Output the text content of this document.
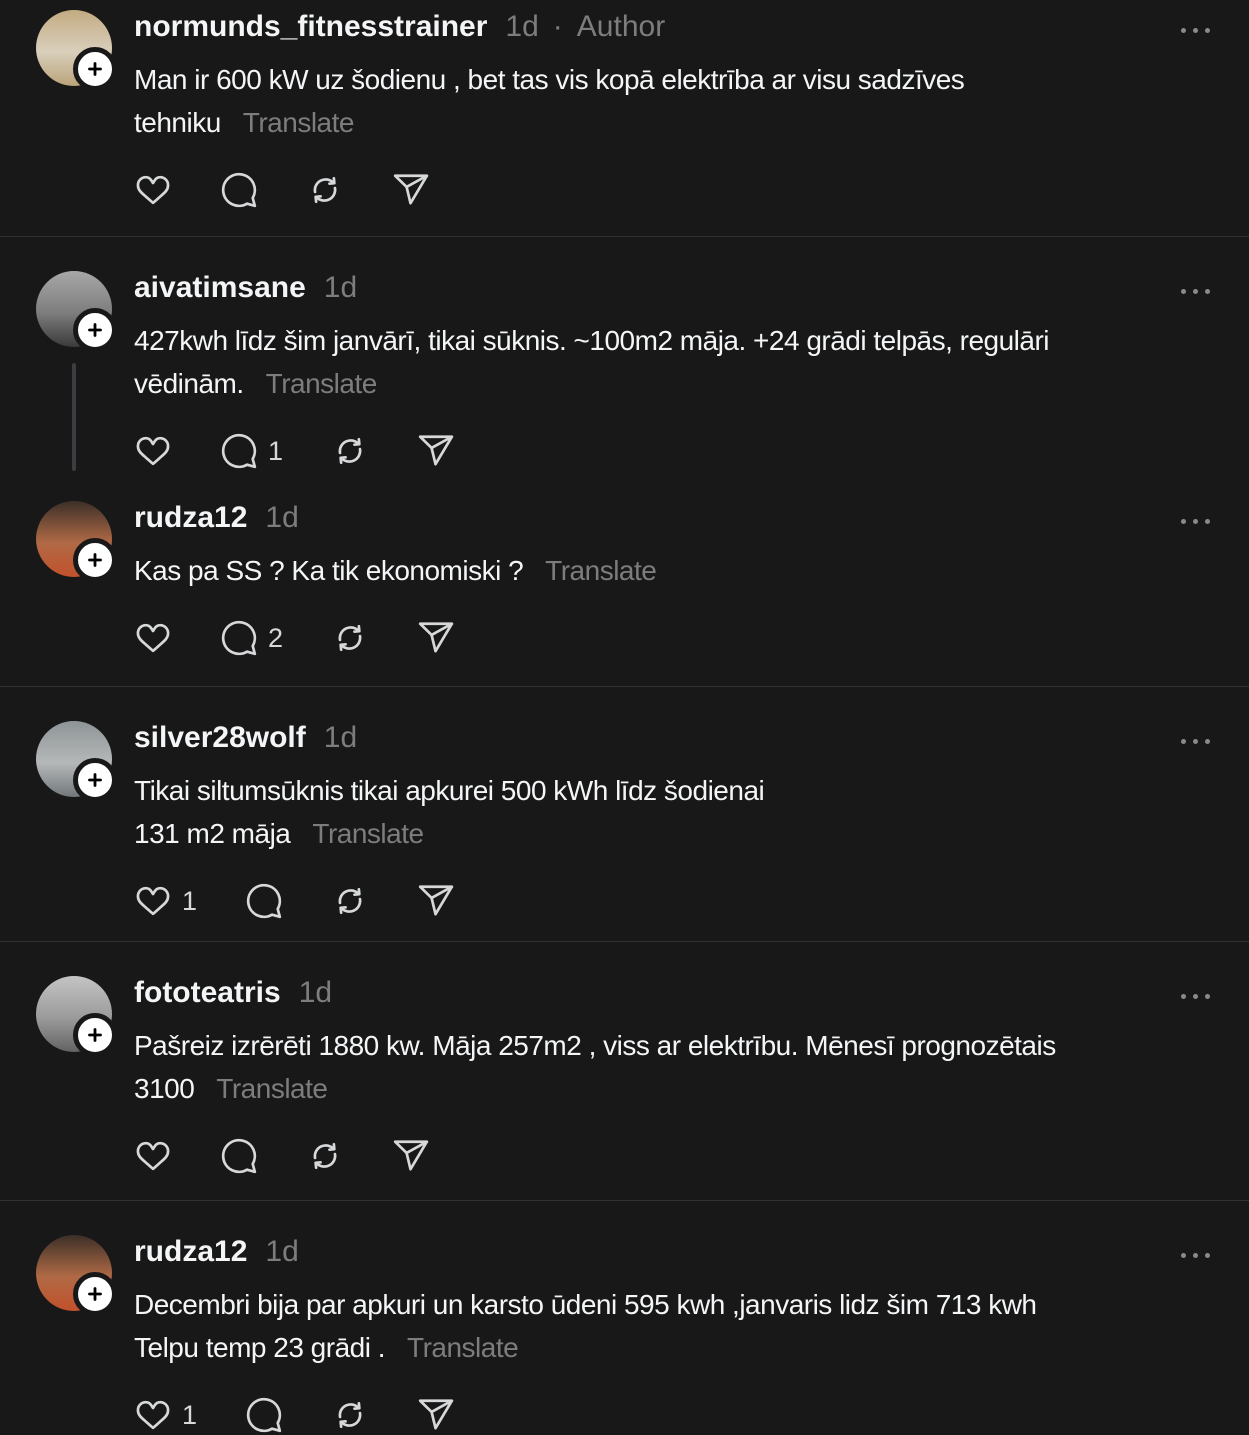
normunds_fitnesstrainer 1d · Author
Man ir 600 kW uz šodienu , bet tas vis kopā elektrība ar visu sadzīves
tehniku Translate
aivatimsane 1d
427kwh līdz šim janvārī, tikai sūknis. ~100m2 māja. +24 grādi telpās, regulāri
vēdinām. Translate
1
rudza12 1d
Kas pa SS ? Ka tik ekonomiski ? Translate
2
silver28wolf 1d
Tikai siltumsūknis tikai apkurei 500 kWh līdz šodienai
131 m2 māja Translate
1
fototeatris 1d
Pašreiz izrērēti 1880 kw. Māja 257m2 , viss ar elektrību. Mēnesī prognozētais
3100 Translate
rudza12 1d
Decembri bija par apkuri un karsto ūdeni 595 kwh ,janvaris lidz šim 713 kwh
Telpu temp 23 grādi . Translate
1
